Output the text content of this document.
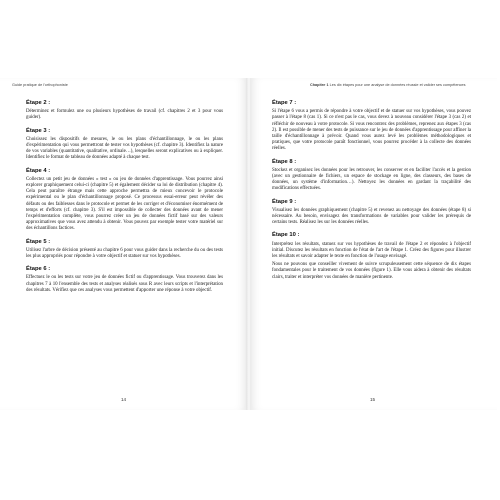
Guide pratique de l'orthophoniste
Étape 2 :

Déterminez et formulez une ou plusieurs hypothèses de travail (cf. chapitres 2 et 3 pour vous guider).

Étape 3 :

Choisissez les dispositifs de mesures, le ou les plans d'échantillonnage, le ou les plans d'expérimentation qui vous permettront de tester vos hypothèses (cf. chapitre 3). Identifiez la nature de vos variables (quantitative, qualitative, ordinale…), lesquelles seront explicatives ou à expliquer. Identifiez le format de tableau de données adapté à chaque test.

Étape 4 :

Collectez un petit jeu de données « test » ou jeu de données d'apprentissage. Vous pourrez ainsi explorer graphiquement celui-ci (chapitre 5) et également décider sa loi de distribution (chapitre 4). Cela peut paraître étrange mais cette approche permettra de mieux concevoir le protocole expérimental ou le plan d'échantillonnage proposé. Ce processus essai-erreur peut révéler des défauts ou des faiblesses dans le protocole et permet de les corriger et d'économiser énormément de temps et d'efforts (cf. chapitre 3). S'il est impossible de collecter des données avant de mener l'expérimentation complète, vous pourrez créer un jeu de données fictif basé sur des valeurs approximatives que vous avez attendu à obtenir. Vous pouvez par exemple tester votre matériel sur des échantillons factices.

Étape 5 :

Utilisez l'arbre de décision présenté au chapitre 6 pour vous guider dans la recherche du ou des tests les plus appropriés pour répondre à votre objectif et statuer sur vos hypothèses.

Étape 6 :

Effectuez le ou les tests sur votre jeu de données fictif ou d'apprentissage. Vous trouverez dans les chapitres 7 à 10 l'ensemble des tests et analyses réalisés sous R avec leurs scripts et l'interprétation des résultats. Vérifiez que ces analyses vous permettent d'apporter une réponse à votre objectif.

14
Chapitre 1 Les dix étapes pour une analyse de données réussie et valider ses compétences
Étape 7 :

Si l'étape 6 vous a permis de répondre à votre objectif et de statuer sur vos hypothèses, vous pouvez passer à l'étape 8 (cas 1). Si ce n'est pas le cas, vous devez à nouveau considérer l'étape 3 (cas 2) et réfléchir de nouveau à votre protocole. Si vous rencontrez des problèmes, reprenez aux étapes 3 (cas 2). Il est possible de mener des tests de puissance sur le jeu de données d'apprentissage pour affiner la taille d'échantillonnage à prévoir. Quand vous aurez levé les problèmes méthodologiques et pratiques, que votre protocole paraît fonctionnel, vous pourrez procéder à la collecte des données réelles.

Étape 8 :

Stockez et organisez les données pour les retrouver, les conserver et en faciliter l'accès et la gestion (avec un gestionnaire de fichiers, un espace de stockage en ligne, des classeurs, des bases de données, un système d'information…). Nettoyez les données en gardant la traçabilité des modifications effectuées.

Étape 9 :

Visualisez les données graphiquement (chapitre 5) et revenez au nettoyage des données (étape 8) si nécessaire. Au besoin, envisagez des transformations de variables pour valider les prérequis de certains tests. Réalisez les sur les données réelles.

Étape 10 :

Interprétez les résultats, statuez sur vos hypothèses de travail de l'étape 2 et répondez à l'objectif initial. Discutez les résultats en fonction de l'état de l'art de l'étape 1. Créez des figures pour illustrer les résultats et savoir adapter le texte en fonction de l'usage envisagé.

Nous ne pouvons que conseiller vivement de suivre scrupuleusement cette séquence de dix étapes fondamentales pour le traitement de vos données (figure 1). Elle vous aidera à obtenir des résultats clairs, traiter et interpréter vos données de manière pertinente.

15
